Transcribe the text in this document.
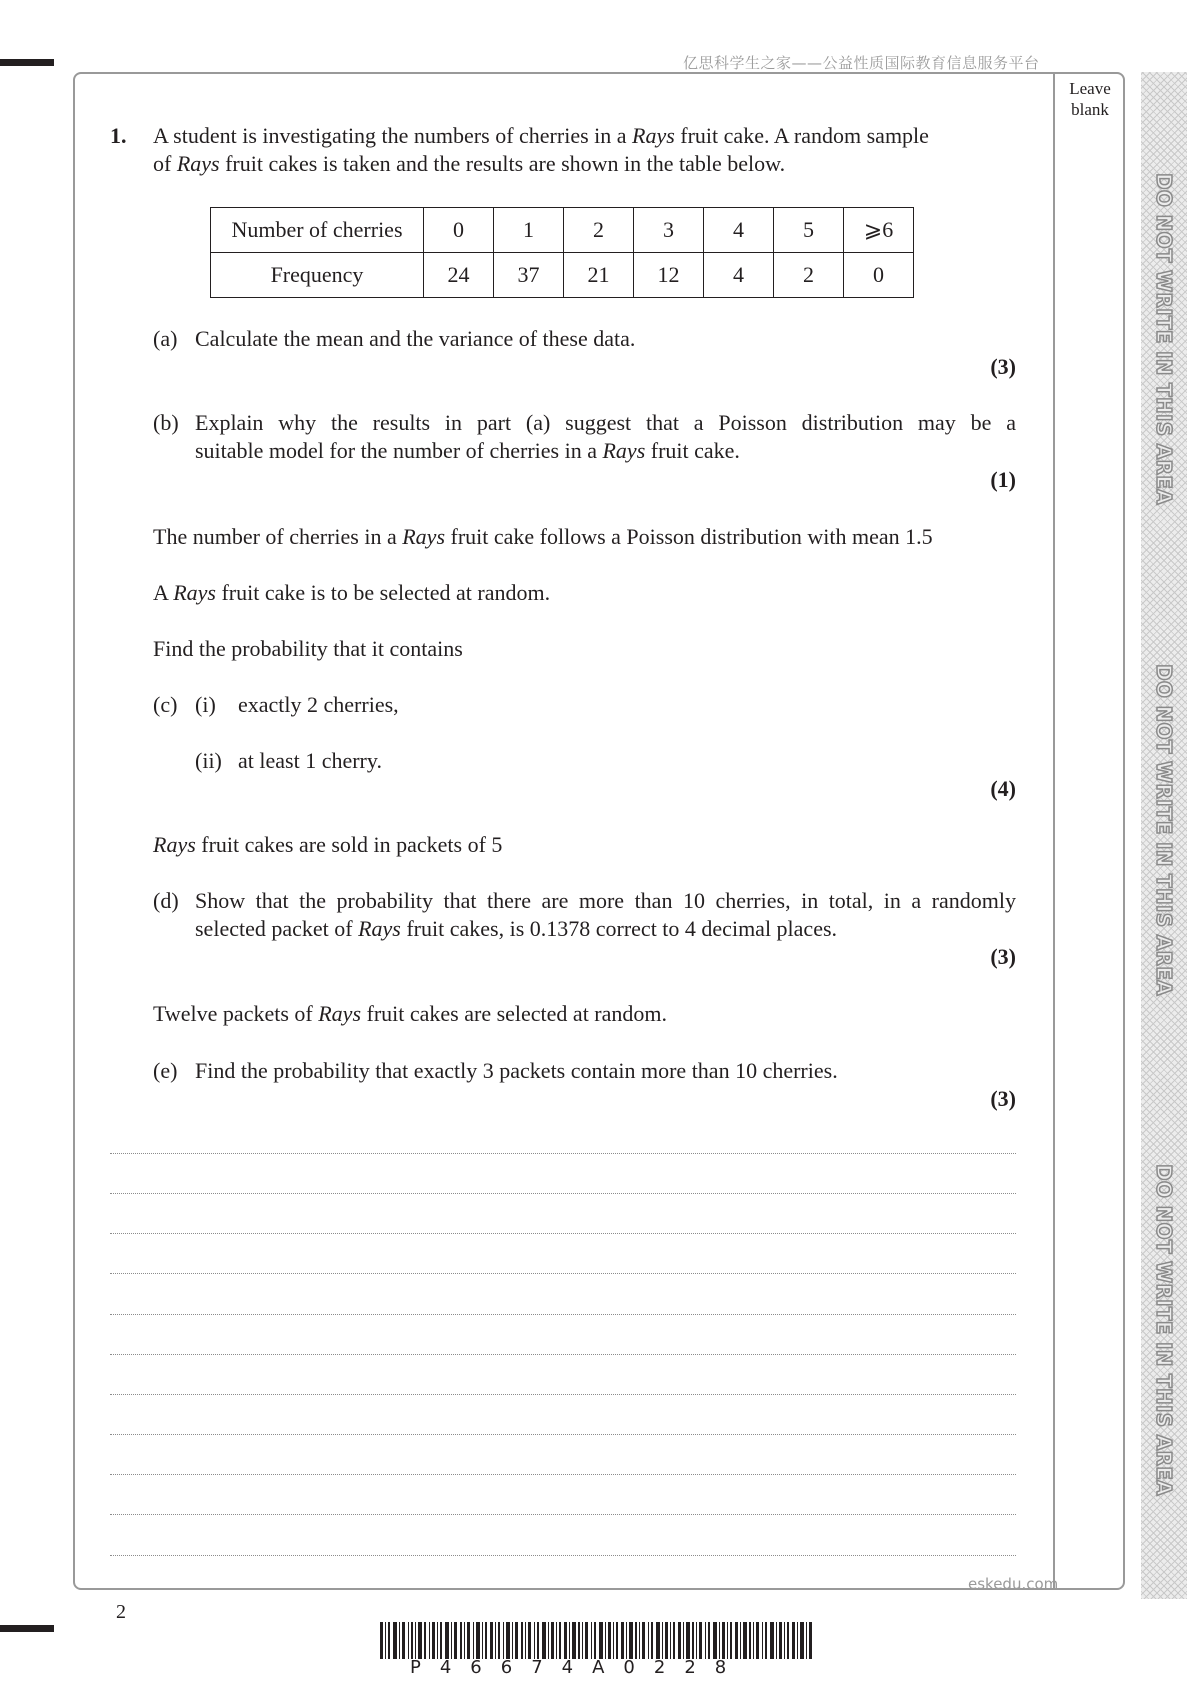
亿思科学生之家——公益性质国际教育信息服务平台
Leave blank
DO NOT WRITE IN THIS AREA
DO NOT WRITE IN THIS AREA
DO NOT WRITE IN THIS AREA
1. A student is investigating the numbers of cherries in a Rays fruit cake. A random sample
of Rays fruit cakes is taken and the results are shown in the table below.
Number of cherries	0	1	2	3	4	5	⩾6
Frequency	24	37	21	12	4	2	0
(a) Calculate the mean and the variance of these data.
(3)
(b) Explain why the results in part (a) suggest that a Poisson distribution may be a
suitable model for the number of cherries in a Rays fruit cake.
(1)
The number of cherries in a Rays fruit cake follows a Poisson distribution with mean 1.5
A Rays fruit cake is to be selected at random.
Find the probability that it contains
(c) (i) exactly 2 cherries,
(ii) at least 1 cherry.
(4)
Rays fruit cakes are sold in packets of 5
(d) Show that the probability that there are more than 10 cherries, in total, in a randomly
selected packet of Rays fruit cakes, is 0.1378 correct to 4 decimal places.
(3)
Twelve packets of Rays fruit cakes are selected at random.
(e) Find the probability that exactly 3 packets contain more than 10 cherries.
(3)
eskedu.com
2
P46674A0228
